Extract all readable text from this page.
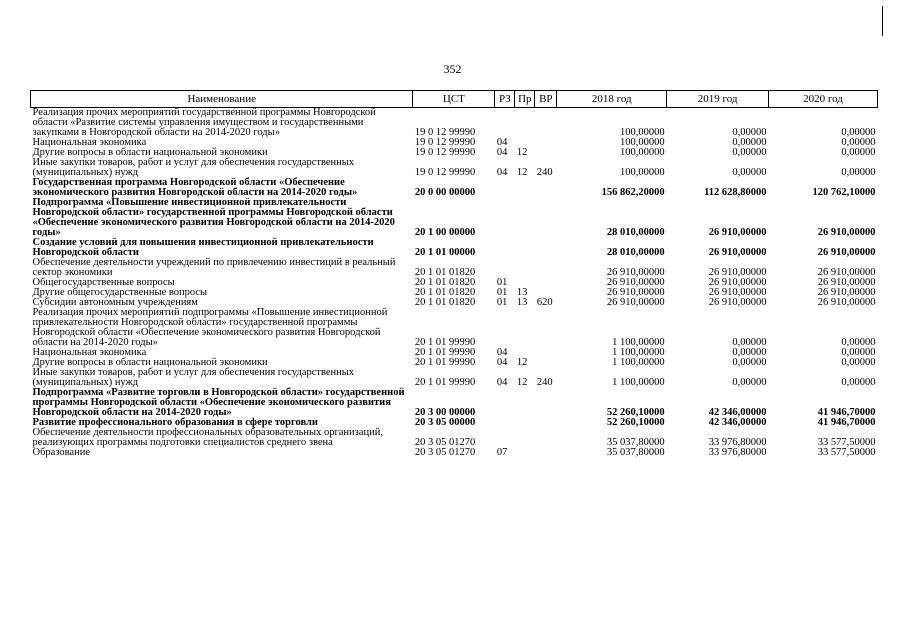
352
Наименование	ЦСТ	РЗ	Пр	ВР	2018 год	2019 год	2020 год
Реализация прочих мероприятий государственной программы Новгородской области «Развитие системы управления имуществом и государственными закупками в Новгородской области на 2014-2020 годы»	19 0 12 99990				100,00000	0,00000	0,00000
Национальная экономика	19 0 12 99990	04			100,00000	0,00000	0,00000
Другие вопросы в области национальной экономики	19 0 12 99990	04	12		100,00000	0,00000	0,00000
Иные закупки товаров, работ и услуг для обеспечения государственных (муниципальных) нужд	19 0 12 99990	04	12	240	100,00000	0,00000	0,00000
Государственная программа Новгородской области «Обеспечение экономического развития Новгородской области на 2014-2020 годы»	20 0 00 00000				156 862,20000	112 628,80000	120 762,10000
Подпрограмма «Повышение инвестиционной привлекательности Новгородской области» государственной программы Новгородской области «Обеспечение экономического развития Новгородской области на 2014-2020 годы»	20 1 00 00000				28 010,00000	26 910,00000	26 910,00000
Создание условий для повышения инвестиционной привлекательности Новгородской области	20 1 01 00000				28 010,00000	26 910,00000	26 910,00000
Обеспечение деятельности учреждений по привлечению инвестиций в реальный сектор экономики	20 1 01 01820				26 910,00000	26 910,00000	26 910,00000
Общегосударственные вопросы	20 1 01 01820	01			26 910,00000	26 910,00000	26 910,00000
Другие общегосударственные вопросы	20 1 01 01820	01	13		26 910,00000	26 910,00000	26 910,00000
Субсидии автономным учреждениям	20 1 01 01820	01	13	620	26 910,00000	26 910,00000	26 910,00000
Реализация прочих мероприятий подпрограммы «Повышение инвестиционной привлекательности Новгородской области» государственной программы Новгородской области «Обеспечение экономического развития Новгородской области на 2014-2020 годы»	20 1 01 99990				1 100,00000	0,00000	0,00000
Национальная экономика	20 1 01 99990	04			1 100,00000	0,00000	0,00000
Другие вопросы в области национальной экономики	20 1 01 99990	04	12		1 100,00000	0,00000	0,00000
Иные закупки товаров, работ и услуг для обеспечения государственных (муниципальных) нужд	20 1 01 99990	04	12	240	1 100,00000	0,00000	0,00000
Подпрограмма «Развитие торговли в Новгородской области» государственной программы Новгородской области «Обеспечение экономического развития Новгородской области на 2014-2020 годы»	20 3 00 00000				52 260,10000	42 346,00000	41 946,70000
Развитие профессионального образования в сфере торговли	20 3 05 00000				52 260,10000	42 346,00000	41 946,70000
Обеспечение деятельности профессиональных образовательных организаций, реализующих программы подготовки специалистов среднего звена	20 3 05 01270				35 037,80000	33 976,80000	33 577,50000
Образование	20 3 05 01270	07			35 037,80000	33 976,80000	33 577,50000
